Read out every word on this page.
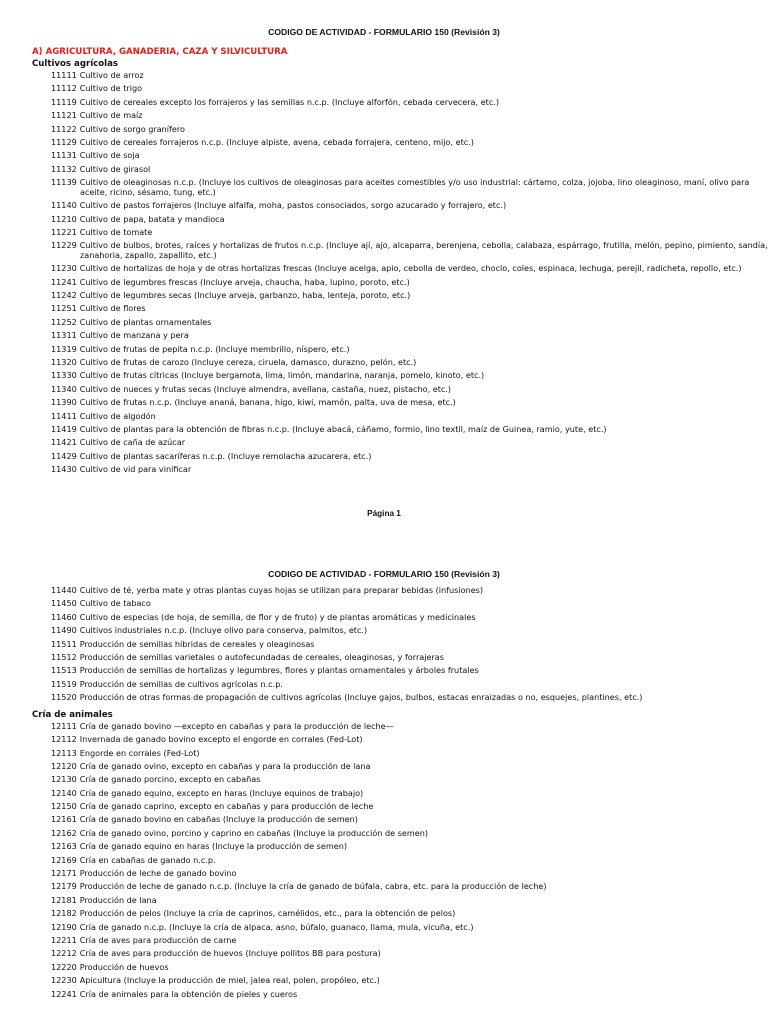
CODIGO DE ACTIVIDAD - FORMULARIO 150 (Revisión 3)

A) AGRICULTURA, GANADERIA, CAZA Y SILVICULTURA

Cultivos agrícolas

11111 Cultivo de arroz
11112 Cultivo de trigo
11119 Cultivo de cereales excepto los forrajeros y las semillas n.c.p. (Incluye alforfón, cebada cervecera, etc.)
11121 Cultivo de maíz
11122 Cultivo de sorgo granífero
11129 Cultivo de cereales forrajeros n.c.p. (Incluye alpiste, avena, cebada forrajera, centeno, mijo, etc.)
11131 Cultivo de soja
11132 Cultivo de girasol
11139 Cultivo de oleaginosas n.c.p. (Incluye los cultivos de oleaginosas para aceites comestibles y/o uso industrial: cártamo, colza, jojoba, lino oleaginoso, maní, olivo para aceite, ricino, sésamo, tung, etc.)
11140 Cultivo de pastos forrajeros (Incluye alfalfa, moha, pastos consociados, sorgo azucarado y forrajero, etc.)
11210 Cultivo de papa, batata y mandioca
11221 Cultivo de tomate
11229 Cultivo de bulbos, brotes, raíces y hortalizas de frutos n.c.p. (Incluye ají, ajo, alcaparra, berenjena, cebolla, calabaza, espárrago, frutilla, melón, pepino, pimiento, sandía, zanahoria, zapallo, zapallito, etc.)
11230 Cultivo de hortalizas de hoja y de otras hortalizas frescas (Incluye acelga, apio, cebolla de verdeo, choclo, coles, espinaca, lechuga, perejil, radicheta, repollo, etc.)
11241 Cultivo de legumbres frescas (Incluye arveja, chaucha, haba, lupino, poroto, etc.)
11242 Cultivo de legumbres secas (Incluye arveja, garbanzo, haba, lenteja, poroto, etc.)
11251 Cultivo de flores
11252 Cultivo de plantas ornamentales
11311 Cultivo de manzana y pera
11319 Cultivo de frutas de pepita n.c.p. (Incluye membrillo, níspero, etc.)
11320 Cultivo de frutas de carozo (Incluye cereza, ciruela, damasco, durazno, pelón, etc.)
11330 Cultivo de frutas cítricas (Incluye bergamota, lima, limón, mandarina, naranja, pomelo, kinoto, etc.)
11340 Cultivo de nueces y frutas secas (Incluye almendra, avellana, castaña, nuez, pistacho, etc.)
11390 Cultivo de frutas n.c.p. (Incluye ananá, banana, higo, kiwi, mamón, palta, uva de mesa, etc.)
11411 Cultivo de algodón
11419 Cultivo de plantas para la obtención de fibras n.c.p. (Incluye abacá, cáñamo, formio, lino textil, maíz de Guinea, ramio, yute, etc.)
11421 Cultivo de caña de azúcar
11429 Cultivo de plantas sacaríferas n.c.p. (Incluye remolacha azucarera, etc.)
11430 Cultivo de vid para vinificar

Página 1

CODIGO DE ACTIVIDAD - FORMULARIO 150 (Revisión 3)

11440 Cultivo de té, yerba mate y otras plantas cuyas hojas se utilizan para preparar bebidas (infusiones)
11450 Cultivo de tabaco
11460 Cultivo de especias (de hoja, de semilla, de flor y de fruto) y de plantas aromáticas y medicinales
11490 Cultivos industriales n.c.p. (Incluye olivo para conserva, palmitos, etc.)
11511 Producción de semillas híbridas de cereales y oleaginosas
11512 Producción de semillas varietales o autofecundadas de cereales, oleaginosas, y forrajeras
11513 Producción de semillas de hortalizas y legumbres, flores y plantas ornamentales y árboles frutales
11519 Producción de semillas de cultivos agrícolas n.c.p.
11520 Producción de otras formas de propagación de cultivos agrícolas (Incluye gajos, bulbos, estacas enraizadas o no, esquejes, plantines, etc.)

Cría de animales

12111 Cría de ganado bovino —excepto en cabañas y para la producción de leche—
12112 Invernada de ganado bovino excepto el engorde en corrales (Fed-Lot)
12113 Engorde en corrales (Fed-Lot)
12120 Cría de ganado ovino, excepto en cabañas y para la producción de lana
12130 Cría de ganado porcino, excepto en cabañas
12140 Cría de ganado equino, excepto en haras (Incluye equinos de trabajo)
12150 Cría de ganado caprino, excepto en cabañas y para producción de leche
12161 Cría de ganado bovino en cabañas (Incluye la producción de semen)
12162 Cría de ganado ovino, porcino y caprino en cabañas (Incluye la producción de semen)
12163 Cría de ganado equino en haras (Incluye la producción de semen)
12169 Cría en cabañas de ganado n.c.p.
12171 Producción de leche de ganado bovino
12179 Producción de leche de ganado n.c.p. (Incluye la cría de ganado de búfala, cabra, etc. para la producción de leche)
12181 Producción de lana
12182 Producción de pelos (Incluye la cría de caprinos, camélidos, etc., para la obtención de pelos)
12190 Cría de ganado n.c.p. (Incluye la cría de alpaca, asno, búfalo, guanaco, llama, mula, vicuña, etc.)
12211 Cría de aves para producción de carne
12212 Cría de aves para producción de huevos (Incluye pollitos BB para postura)
12220 Producción de huevos
12230 Apicultura (Incluye la producción de miel, jalea real, polen, propóleo, etc.)
12241 Cría de animales para la obtención de pieles y cueros
